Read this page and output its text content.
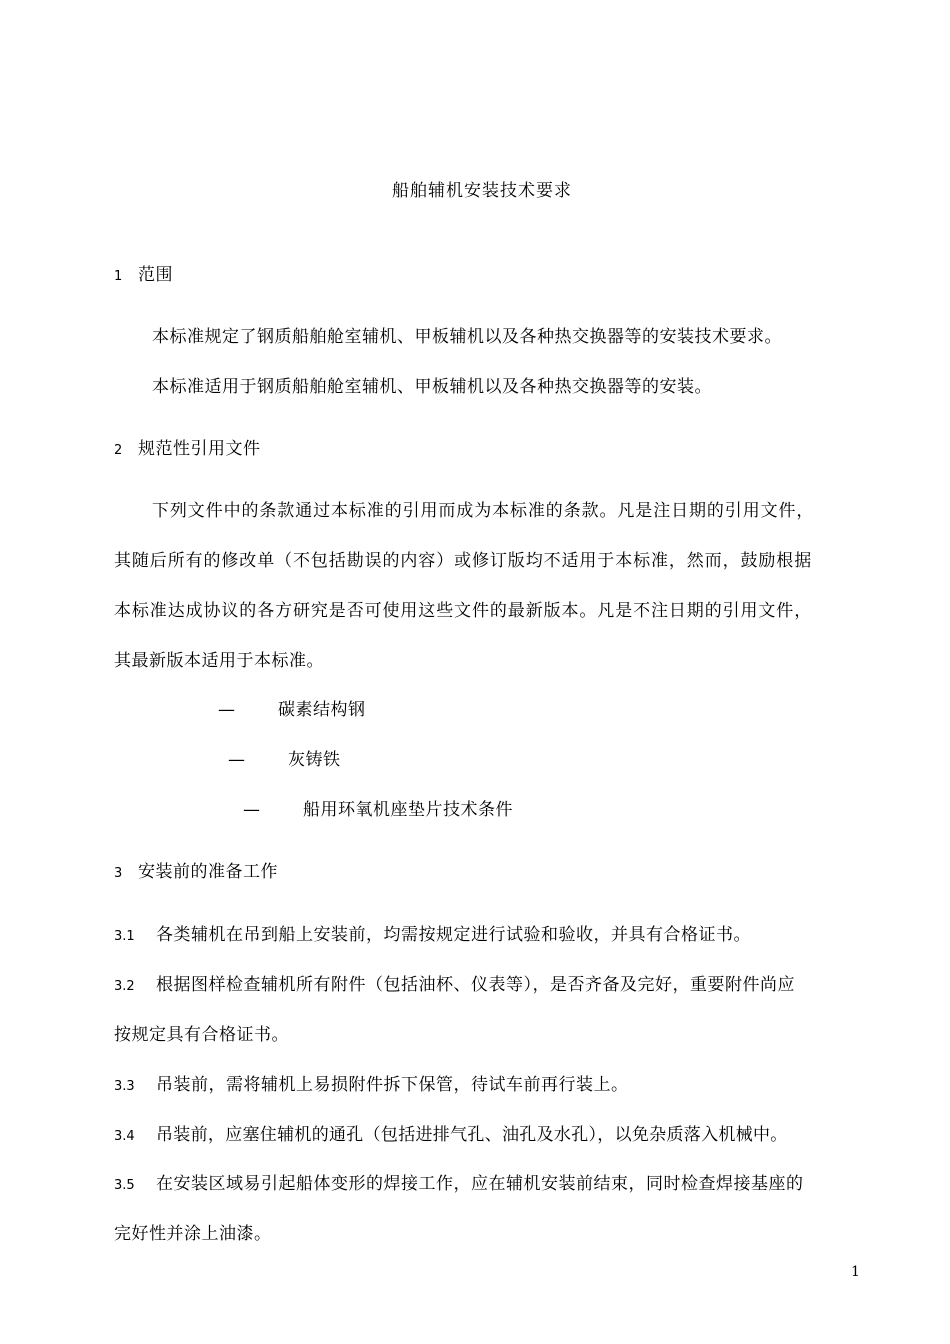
船舶辅机安装技术要求
1 范围
本标准规定了钢质船舶舱室辅机、甲板辅机以及各种热交换器等的安装技术要求。
本标准适用于钢质船舶舱室辅机、甲板辅机以及各种热交换器等的安装。
2 规范性引用文件
下列文件中的条款通过本标准的引用而成为本标准的条款。凡是注日期的引用文件，
其随后所有的修改单（不包括勘误的内容）或修订版均不适用于本标准，然而，鼓励根据
本标准达成协议的各方研究是否可使用这些文件的最新版本。凡是不注日期的引用文件，
其最新版本适用于本标准。
—	碳素结构钢
—	灰铸铁
—	船用环氧机座垫片技术条件
3 安装前的准备工作
3.1 各类辅机在吊到船上安装前，均需按规定进行试验和验收，并具有合格证书。
3.2 根据图样检查辅机所有附件（包括油杯、仪表等），是否齐备及完好，重要附件尚应
按规定具有合格证书。
3.3 吊装前，需将辅机上易损附件拆下保管，待试车前再行装上。
3.4 吊装前，应塞住辅机的通孔（包括进排气孔、油孔及水孔），以免杂质落入机械中。
3.5 在安装区域易引起船体变形的焊接工作，应在辅机安装前结束，同时检查焊接基座的
完好性并涂上油漆。
1
